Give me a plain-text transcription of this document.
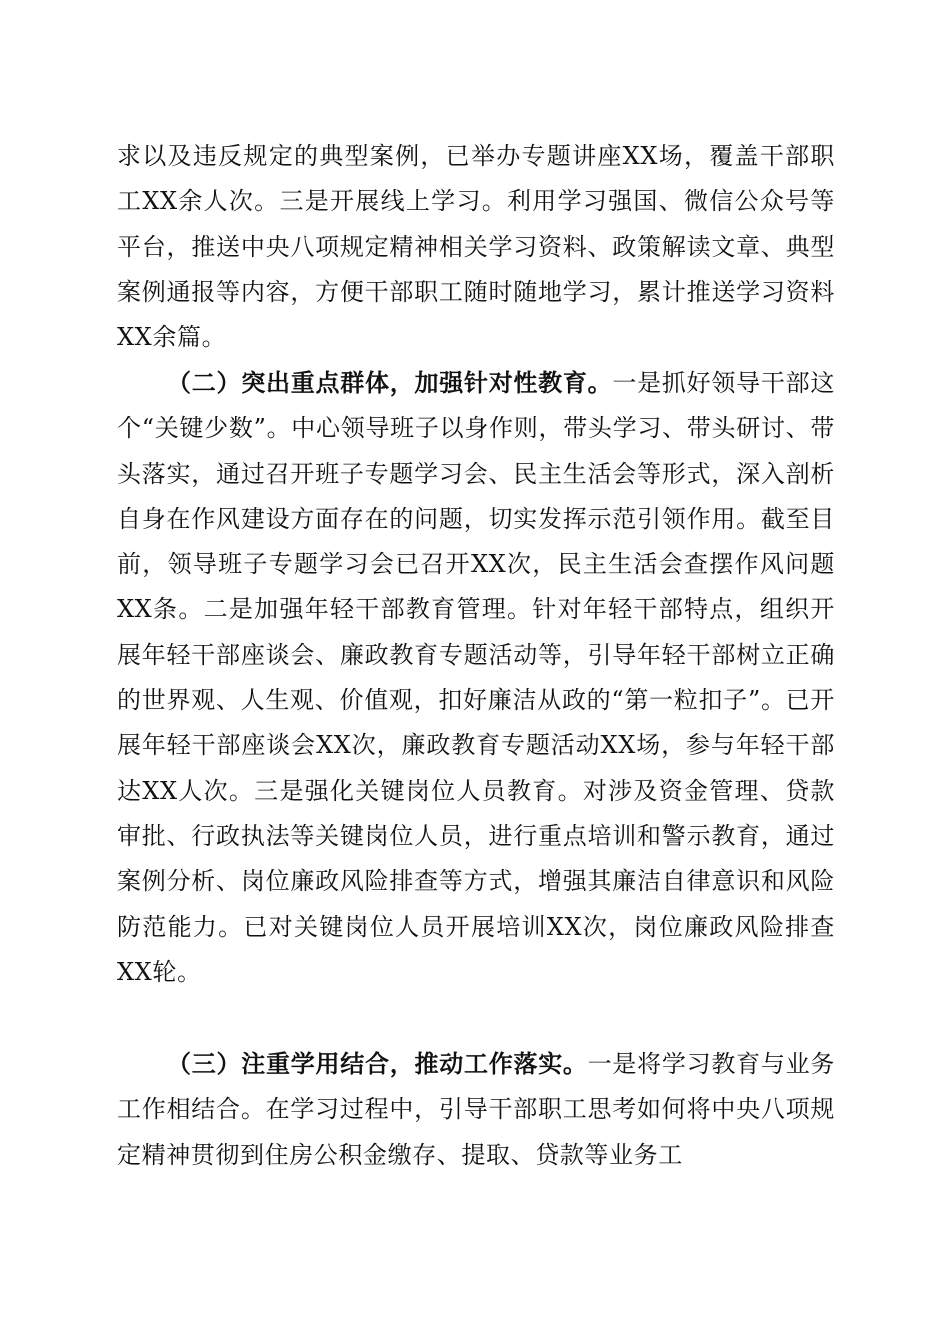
求以及违反规定的典型案例，已举办专题讲座XX场，覆盖干部职工XX余人次。三是开展线上学习。利用学习强国、微信公众号等平台，推送中央八项规定精神相关学习资料、政策解读文章、典型案例通报等内容，方便干部职工随时随地学习，累计推送学习资料XX余篇。

（二）突出重点群体，加强针对性教育。一是抓好领导干部这个“关键少数”。中心领导班子以身作则，带头学习、带头研讨、带头落实，通过召开班子专题学习会、民主生活会等形式，深入剖析自身在作风建设方面存在的问题，切实发挥示范引领作用。截至目前，领导班子专题学习会已召开XX次，民主生活会查摆作风问题XX条。二是加强年轻干部教育管理。针对年轻干部特点，组织开展年轻干部座谈会、廉政教育专题活动等，引导年轻干部树立正确的世界观、人生观、价值观，扣好廉洁从政的“第一粒扣子”。已开展年轻干部座谈会XX次，廉政教育专题活动XX场，参与年轻干部达XX人次。三是强化关键岗位人员教育。对涉及资金管理、贷款审批、行政执法等关键岗位人员，进行重点培训和警示教育，通过案例分析、岗位廉政风险排查等方式，增强其廉洁自律意识和风险防范能力。已对关键岗位人员开展培训XX次，岗位廉政风险排查XX轮。

（三）注重学用结合，推动工作落实。一是将学习教育与业务工作相结合。在学习过程中，引导干部职工思考如何将中央八项规定精神贯彻到住房公积金缴存、提取、贷款等业务工
